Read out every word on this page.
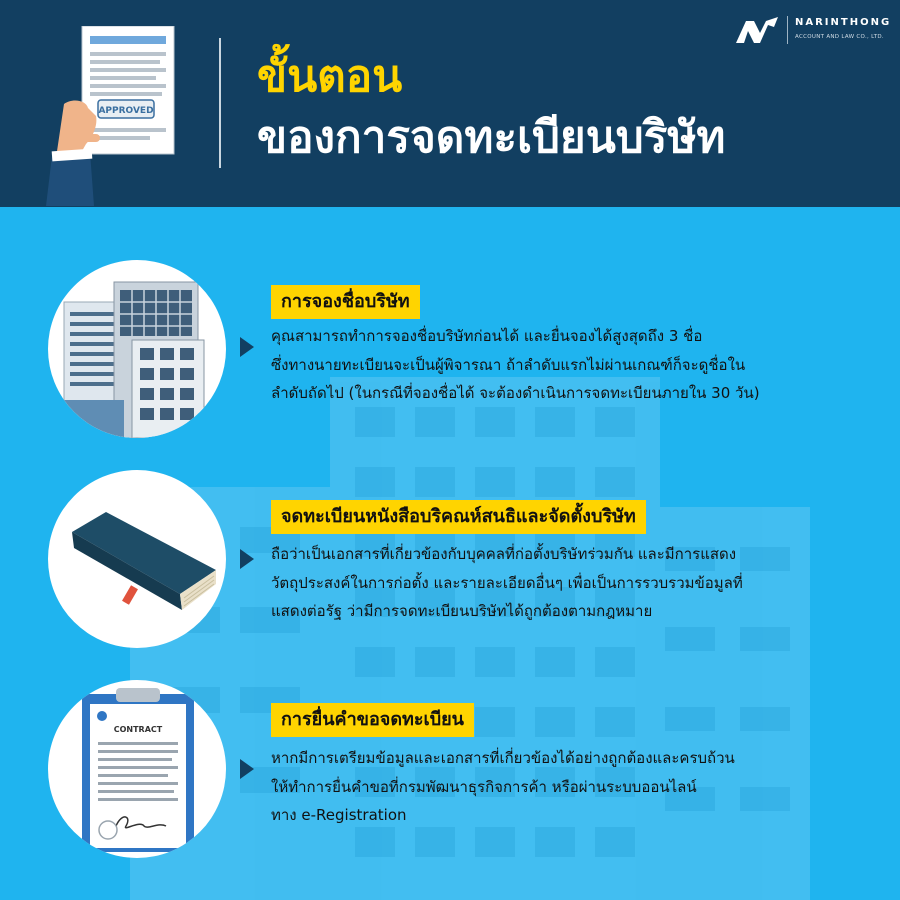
APPROVED
ขั้นตอน
ของการจดทะเบียนบริษัท
NARINTHONG
ACCOUNT AND LAW CO., LTD.
การจองชื่อบริษัท
คุณสามารถทำการจองชื่อบริษัทก่อนได้ และยื่นจองได้สูงสุดถึง 3 ชื่อ
ซึ่งทางนายทะเบียนจะเป็นผู้พิจารณา ถ้าลำดับแรกไม่ผ่านเกณฑ์ก็จะดูชื่อใน
ลำดับถัดไป (ในกรณีที่จองชื่อได้ จะต้องดำเนินการจดทะเบียนภายใน 30 วัน)
จดทะเบียนหนังสือบริคณห์สนธิและจัดตั้งบริษัท
ถือว่าเป็นเอกสารที่เกี่ยวข้องกับบุคคลที่ก่อตั้งบริษัทร่วมกัน และมีการแสดง
วัตถุประสงค์ในการก่อตั้ง และรายละเอียดอื่นๆ เพื่อเป็นการรวบรวมข้อมูลที่
แสดงต่อรัฐ ว่ามีการจดทะเบียนบริษัทได้ถูกต้องตามกฎหมาย
CONTRACT	การยื่นคำขอจดทะเบียน
หากมีการเตรียมข้อมูลและเอกสารที่เกี่ยวข้องได้อย่างถูกต้องและครบถ้วน
ให้ทำการยื่นคำขอที่กรมพัฒนาธุรกิจการค้า หรือผ่านระบบออนไลน์
ทาง e-Registration
